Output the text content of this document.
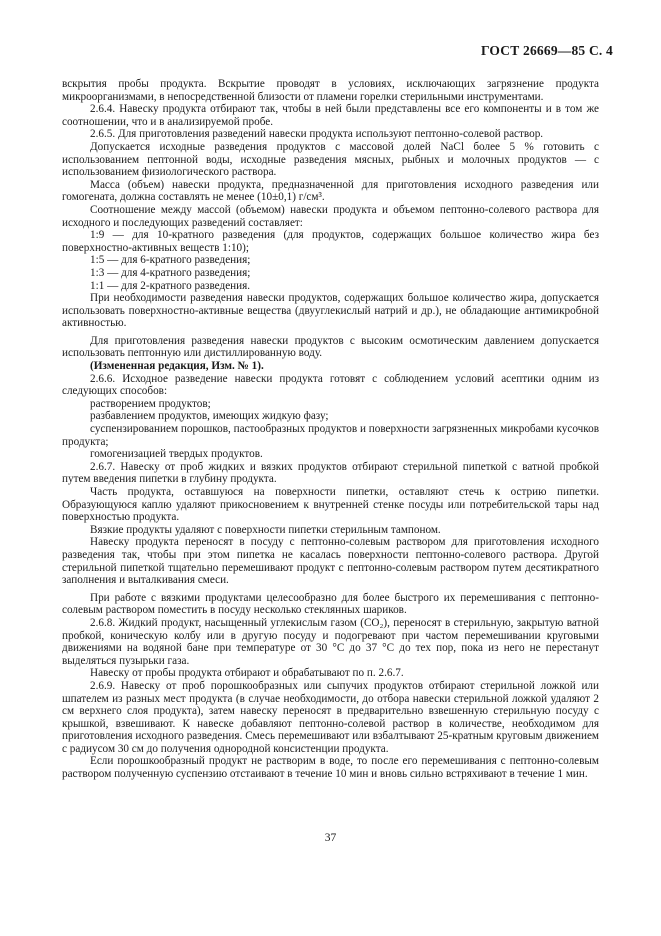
ГОСТ 26669—85 С. 4

вскрытия пробы продукта. Вскрытие проводят в условиях, исключающих загрязнение продукта микроорганизмами, в непосредственной близости от пламени горелки стерильными инструментами.

2.6.4. Навеску продукта отбирают так, чтобы в ней были представлены все его компоненты и в том же соотношении, что и в анализируемой пробе.

2.6.5. Для приготовления разведений навески продукта используют пептонно-солевой раствор.

Допускается исходные разведения продуктов с массовой долей NaCl более 5 % готовить с использованием пептонной воды, исходные разведения мясных, рыбных и молочных продуктов — с использованием физиологического раствора.

Масса (объем) навески продукта, предназначенной для приготовления исходного разведения или гомогената, должна составлять не менее (10±0,1) г/см³.

Соотношение между массой (объемом) навески продукта и объемом пептонно-солевого раствора для исходного и последующих разведений составляет:

1:9 — для 10-кратного разведения (для продуктов, содержащих большое количество жира без поверхностно-активных веществ 1:10);

1:5 — для 6-кратного разведения;

1:3 — для 4-кратного разведения;

1:1 — для 2-кратного разведения.

При необходимости разведения навески продуктов, содержащих большое количество жира, допускается использовать поверхностно-активные вещества (двууглекислый натрий и др.), не обладающие антимикробной активностью.

Для приготовления разведения навески продуктов с высоким осмотическим давлением допускается использовать пептонную или дистиллированную воду.

(Измененная редакция, Изм. № 1).

2.6.6. Исходное разведение навески продукта готовят с соблюдением условий асептики одним из следующих способов:

растворением продуктов;

разбавлением продуктов, имеющих жидкую фазу;

суспензированием порошков, пастообразных продуктов и поверхности загрязненных микробами кусочков продукта;

гомогенизацией твердых продуктов.

2.6.7. Навеску от проб жидких и вязких продуктов отбирают стерильной пипеткой с ватной пробкой путем введения пипетки в глубину продукта.

Часть продукта, оставшуюся на поверхности пипетки, оставляют стечь к острию пипетки. Образующуюся каплю удаляют прикосновением к внутренней стенке посуды или потребительской тары над поверхностью продукта.

Вязкие продукты удаляют с поверхности пипетки стерильным тампоном.

Навеску продукта переносят в посуду с пептонно-солевым раствором для приготовления исходного разведения так, чтобы при этом пипетка не касалась поверхности пептонно-солевого раствора. Другой стерильной пипеткой тщательно перемешивают продукт с пептонно-солевым раствором путем десятикратного заполнения и выталкивания смеси.

При работе с вязкими продуктами целесообразно для более быстрого их перемешивания с пептонно-солевым раствором поместить в посуду несколько стеклянных шариков.

2.6.8. Жидкий продукт, насыщенный углекислым газом (CO₂), переносят в стерильную, закрытую ватной пробкой, коническую колбу или в другую посуду и подогревают при частом перемешивании круговыми движениями на водяной бане при температуре от 30 °С до 37 °С до тех пор, пока из него не перестанут выделяться пузырьки газа.

Навеску от пробы продукта отбирают и обрабатывают по п. 2.6.7.

2.6.9. Навеску от проб порошкообразных или сыпучих продуктов отбирают стерильной ложкой или шпателем из разных мест продукта (в случае необходимости, до отбора навески стерильной ложкой удаляют 2 см верхнего слоя продукта), затем навеску переносят в предварительно взвешенную стерильную посуду с крышкой, взвешивают. К навеске добавляют пептонно-солевой раствор в количестве, необходимом для приготовления исходного разведения. Смесь перемешивают или взбалтывают 25-кратным круговым движением с радиусом 30 см до получения однородной консистенции продукта.

Если порошкообразный продукт не растворим в воде, то после его перемешивания с пептонно-солевым раствором полученную суспензию отстаивают в течение 10 мин и вновь сильно встряхивают в течение 1 мин.

37
